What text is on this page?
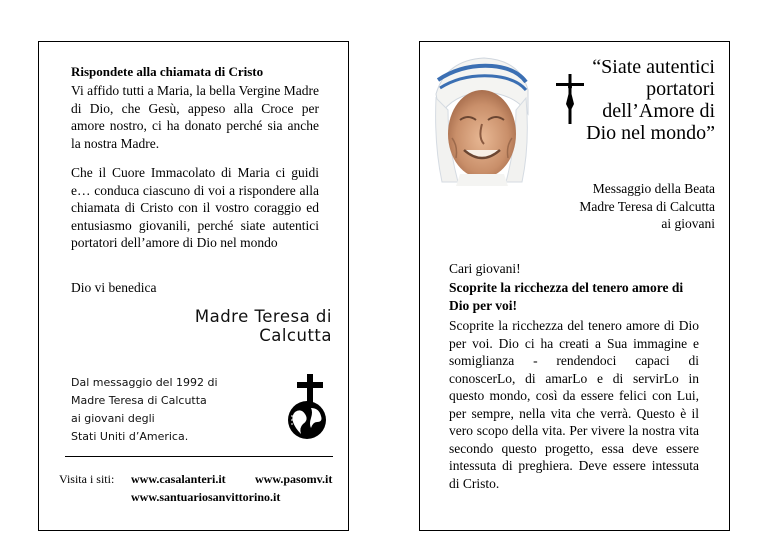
Rispondete alla chiamata di Cristo
Vi affido tutti a Maria, la bella Vergine Madre di Dio, che Gesù, appeso alla Croce per amore nostro, ci ha donato perché sia anche la nostra Madre.
Che il Cuore Immacolato di Maria ci guidi e… conduca ciascuno di voi a rispondere alla chiamata di Cristo con il vostro coraggio ed entusiasmo giovanili, perché siate autentici portatori dell’amore di Dio nel mondo
Dio vi benedica
Madre Teresa di
Calcutta
Dal messaggio del 1992 di
Madre Teresa di Calcutta
ai giovani degli
Stati Uniti d’America.
Visita i siti: www.casalanteri.it www.pasomv.it
www.santuariosanvittorino.it
“Siate autentici
portatori
dell’Amore di
Dio nel mondo”
Messaggio della Beata
Madre Teresa di Calcutta
ai giovani
Cari giovani!
Scoprite la ricchezza del tenero amore di Dio per voi!
Scoprite la ricchezza del tenero amore di Dio per voi. Dio ci ha creati a Sua immagine e somiglianza - rendendoci capaci di conoscerLo, di amarLo e di servirLo in questo mondo, così da essere felici con Lui, per sempre, nella vita che verrà. Questo è il vero scopo della vita. Per vivere la nostra vita secondo questo progetto, essa deve essere intessuta di preghiera. Deve essere intessuta di Cristo.
